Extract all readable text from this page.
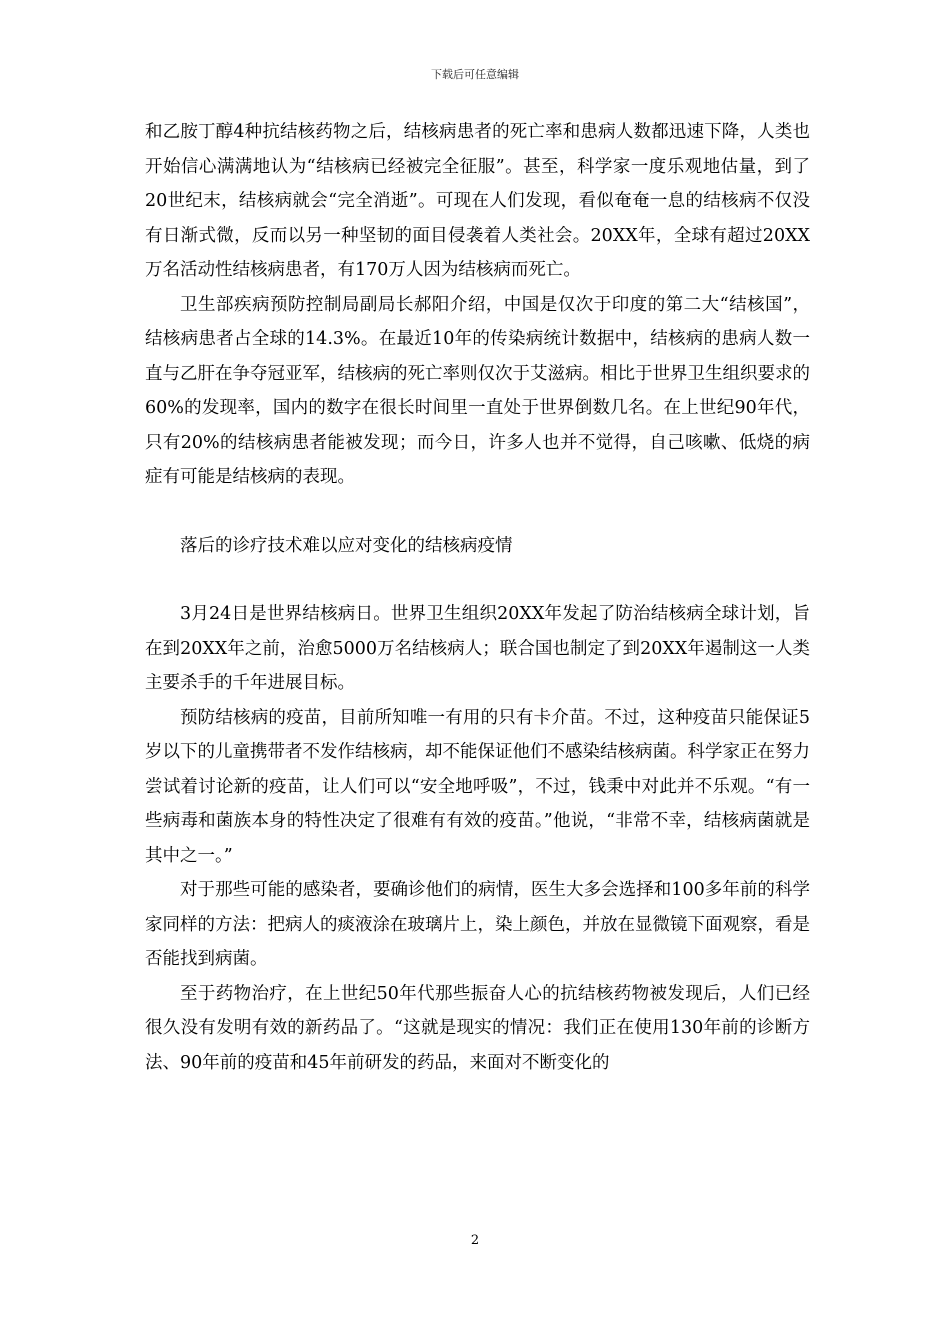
下载后可任意编辑

和乙胺丁醇4种抗结核药物之后，结核病患者的死亡率和患病人数都迅速下降，人类也开始信心满满地认为“结核病已经被完全征服”。甚至，科学家一度乐观地估量，到了20世纪末，结核病就会“完全消逝”。可现在人们发现，看似奄奄一息的结核病不仅没有日渐式微，反而以另一种坚韧的面目侵袭着人类社会。20XX年，全球有超过20XX万名活动性结核病患者，有170万人因为结核病而死亡。

卫生部疾病预防控制局副局长郝阳介绍，中国是仅次于印度的第二大“结核国”，结核病患者占全球的14.3%。在最近10年的传染病统计数据中，结核病的患病人数一直与乙肝在争夺冠亚军，结核病的死亡率则仅次于艾滋病。相比于世界卫生组织要求的60%的发现率，国内的数字在很长时间里一直处于世界倒数几名。在上世纪90年代，只有20%的结核病患者能被发现；而今日，许多人也并不觉得，自己咳嗽、低烧的病症有可能是结核病的表现。

落后的诊疗技术难以应对变化的结核病疫情

3月24日是世界结核病日。世界卫生组织20XX年发起了防治结核病全球计划，旨在到20XX年之前，治愈5000万名结核病人；联合国也制定了到20XX年遏制这一人类主要杀手的千年进展目标。

预防结核病的疫苗，目前所知唯一有用的只有卡介苗。不过，这种疫苗只能保证5岁以下的儿童携带者不发作结核病，却不能保证他们不感染结核病菌。科学家正在努力尝试着讨论新的疫苗，让人们可以“安全地呼吸”，不过，钱秉中对此并不乐观。“有一些病毒和菌族本身的特性决定了很难有有效的疫苗。”他说，“非常不幸，结核病菌就是其中之一。”

对于那些可能的感染者，要确诊他们的病情，医生大多会选择和100多年前的科学家同样的方法：把病人的痰液涂在玻璃片上，染上颜色，并放在显微镜下面观察，看是否能找到病菌。

至于药物治疗，在上世纪50年代那些振奋人心的抗结核药物被发现后，人们已经很久没有发明有效的新药品了。“这就是现实的情况：我们正在使用130年前的诊断方法、90年前的疫苗和45年前研发的药品，来面对不断变化的

2
